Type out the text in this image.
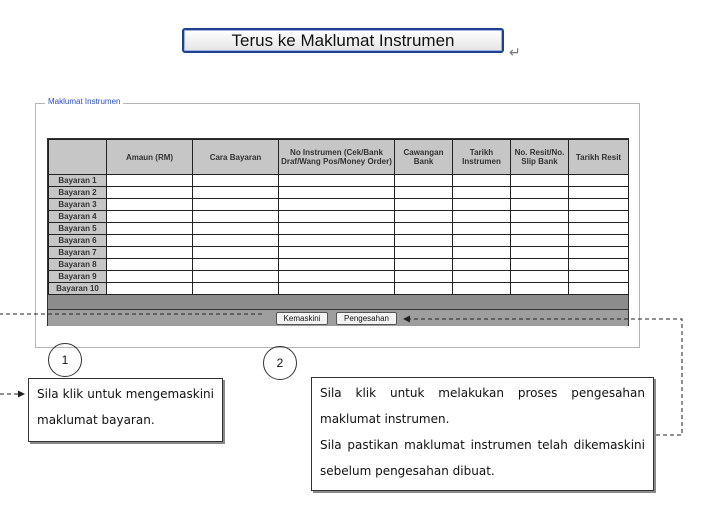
Terus ke Maklumat Instrumen
↵
Maklumat Instrumen
	Amaun (RM)	Cara Bayaran	No Instrumen (Cek/Bank Draf/Wang Pos/Money Order)	Cawangan Bank	Tarikh Instrumen	No. Resit/No. Slip Bank	Tarikh Resit
Bayaran 1							
Bayaran 2							
Bayaran 3							
Bayaran 4							
Bayaran 5							
Bayaran 6							
Bayaran 7							
Bayaran 8							
Bayaran 9							
Bayaran 10							
Kemaskini	Pengesahan
1	2

Sila klik untuk mengemaskini

maklumat bayaran.

Sila klik untuk melakukan proses pengesahan

maklumat instrumen.

Sila pastikan maklumat instrumen telah dikemaskini

sebelum pengesahan dibuat.
